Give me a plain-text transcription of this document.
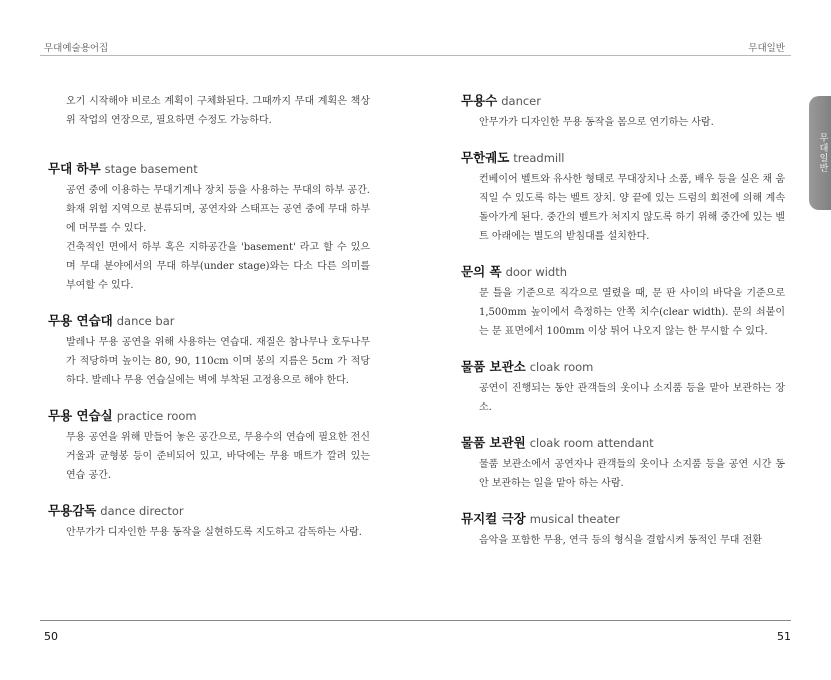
무대예술용어집	무대일반
무대일반

오기 시작해야 비로소 계획이 구체화된다. 그때까지 무대 계획은 책상 위 작업의 연장으로, 필요하면 수정도 가능하다.

무대 하부 stage basement

공연 중에 이용하는 무대기계나 장치 등을 사용하는 무대의 하부 공간. 화재 위험 지역으로 분류되며, 공연자와 스태프는 공연 중에 무대 하부에 머무를 수 있다.

건축적인 면에서 하부 혹은 지하공간을 'basement' 라고 할 수 있으며 무대 분야에서의 무대 하부(under stage)와는 다소 다른 의미를 부여할 수 있다.

무용 연습대 dance bar

발레나 무용 공연을 위해 사용하는 연습대. 재질은 참나무나 호두나무가 적당하며 높이는 80, 90, 110cm 이며 봉의 지름은 5cm 가 적당하다. 발레나 무용 연습실에는 벽에 부착된 고정용으로 해야 한다.

무용 연습실 practice room

무용 공연을 위해 만들어 놓은 공간으로, 무용수의 연습에 필요한 전신 거울과 균형봉 등이 준비되어 있고, 바닥에는 무용 매트가 깔려 있는 연습 공간.

무용감독 dance director

안무가가 디자인한 무용 동작을 실현하도록 지도하고 감독하는 사람.

무용수 dancer

안무가가 디자인한 무용 동작을 몸으로 연기하는 사람.

무한궤도 treadmill

컨베이어 벨트와 유사한 형태로 무대장치나 소품, 배우 등을 실은 채 움직일 수 있도록 하는 벨트 장치. 양 끝에 있는 드럼의 회전에 의해 계속 돌아가게 된다. 중간의 벨트가 처지지 않도록 하기 위해 중간에 있는 벨트 아래에는 별도의 받침대를 설치한다.

문의 폭 door width

문 틀을 기준으로 직각으로 열렸을 때, 문 판 사이의 바닥을 기준으로 1,500mm 높이에서 측정하는 안쪽 치수(clear width). 문의 쇠붙이는 문 표면에서 100mm 이상 튀어 나오지 않는 한 무시할 수 있다.

물품 보관소 cloak room

공연이 진행되는 동안 관객들의 옷이나 소지품 등을 맡아 보관하는 장소.

물품 보관원 cloak room attendant

물품 보관소에서 공연자나 관객들의 옷이나 소지품 등을 공연 시간 동안 보관하는 일을 맡아 하는 사람.

뮤지컬 극장 musical theater

음악을 포함한 무용, 연극 등의 형식을 결합시켜 동적인 무대 전환

50	51
